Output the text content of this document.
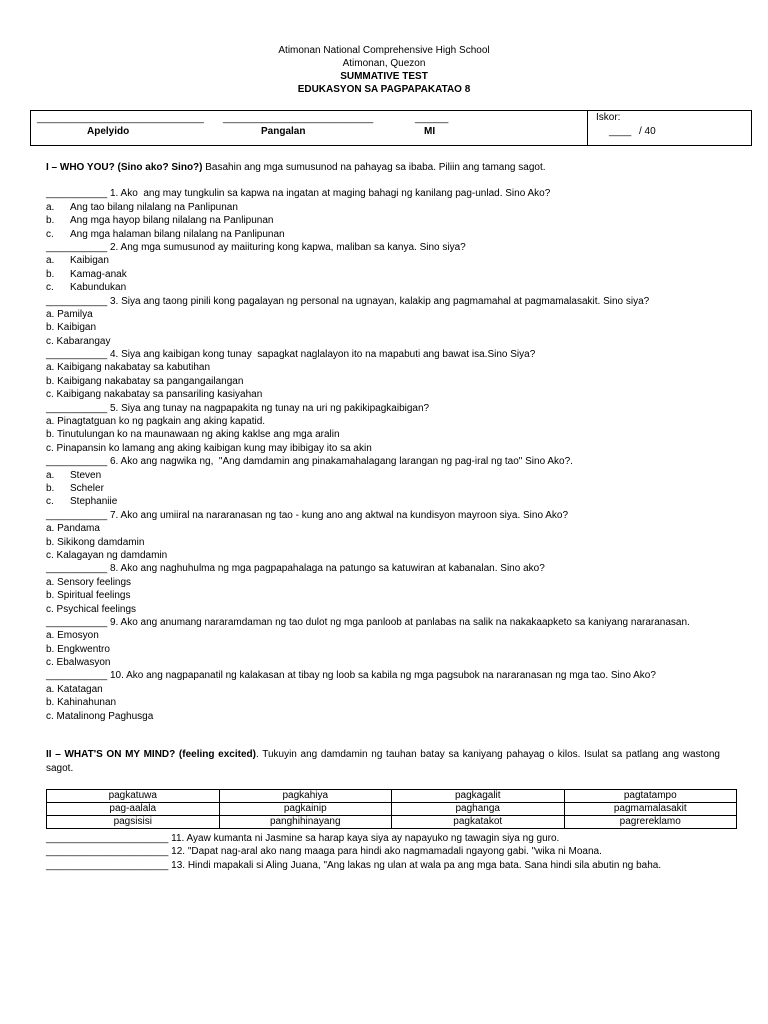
Atimonan National Comprehensive High School
Atimonan, Quezon
SUMMATIVE TEST
EDUKASYON SA PAGPAPAKATAO 8
______________________________ ___________________________	______
Apelyido	Pangalan	MI
Iskor:
____ / 40
I – WHO YOU? (Sino ako? Sino?) Basahin ang mga sumusunod na pahayag sa ibaba. Piliin ang tamang sagot.
___________ 1. Ako  ang may tungkulin sa kapwa na ingatan at maging bahagi ng kanilang pag-unlad. Sino Ako?
a. Ang tao bilang nilalang na Panlipunan
b. Ang mga hayop bilang nilalang na Panlipunan
c. Ang mga halaman bilang nilalang na Panlipunan
___________ 2. Ang mga sumusunod ay maiituring kong kapwa, maliban sa kanya. Sino siya?
a. Kaibigan
b. Kamag-anak
c. Kabundukan
___________ 3. Siya ang taong pinili kong pagalayan ng personal na ugnayan, kalakip ang pagmamahal at pagmamalasakit. Sino siya?
a. Pamilya
b. Kaibigan
c. Kabarangay
___________ 4. Siya ang kaibigan kong tunay  sapagkat naglalayon ito na mapabuti ang bawat isa.Sino Siya?
a. Kaibigang nakabatay sa kabutihan
b. Kaibigang nakabatay sa pangangailangan
c. Kaibigang nakabatay sa pansariling kasiyahan
___________ 5. Siya ang tunay na nagpapakita ng tunay na uri ng pakikipagkaibigan?
a. Pinagtatguan ko ng pagkain ang aking kapatid.
b. Tinutulungan ko na maunawaan ng aking kaklse ang mga aralin
c. Pinapansin ko lamang ang aking kaibigan kung may ibibigay ito sa akin
___________ 6. Ako ang nagwika ng,  "Ang damdamin ang pinakamahalagang larangan ng pag-iral ng tao" Sino Ako?.
a. Steven
b. Scheler
c. Stephaniie
___________ 7. Ako ang umiiral na nararanasan ng tao - kung ano ang aktwal na kundisyon mayroon siya. Sino Ako?
a. Pandama
b. Sikikong damdamin
c. Kalagayan ng damdamin
___________ 8. Ako ang naghuhulma ng mga pagpapahalaga na patungo sa katuwiran at kabanalan. Sino ako?
a. Sensory feelings
b. Spiritual feelings
c. Psychical feelings
___________ 9. Ako ang anumang nararamdaman ng tao dulot ng mga panloob at panlabas na salik na nakakaapketo sa kaniyang nararanasan.
a. Emosyon
b. Engkwentro
c. Ebalwasyon
___________ 10. Ako ang nagpapanatil ng kalakasan at tibay ng loob sa kabila ng mga pagsubok na nararanasan ng mga tao. Sino Ako?
a. Katatagan
b. Kahinahunan
c. Matalinong Paghusga
II – WHAT'S ON MY MIND? (feeling excited). Tukuyin ang damdamin ng tauhan batay sa kaniyang pahayag o kilos. Isulat sa patlang ang wastong sagot.
pagkatuwa	pagkahiya	pagkagalit	pagtatampo
pag-aalala	pagkainip	paghanga	pagmamalasakit
pagsisisi	panghihinayang	pagkatakot	pagrereklamo
______________________ 11. Ayaw kumanta ni Jasmine sa harap kaya siya ay napayuko ng tawagin siya ng guro.
______________________ 12. "Dapat nag-aral ako nang maaga para hindi ako nagmamadali ngayong gabi. "wika ni Moana.
______________________ 13. Hindi mapakali si Aling Juana, "Ang lakas ng ulan at wala pa ang mga bata. Sana hindi sila abutin ng baha.
